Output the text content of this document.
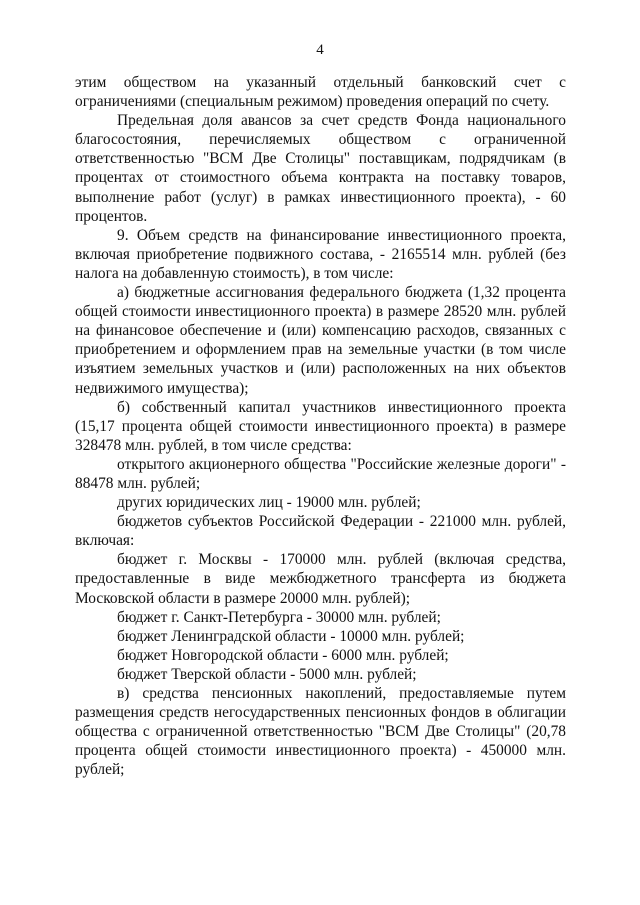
4

этим обществом на указанный отдельный банковский счет с ограничениями (специальным режимом) проведения операций по счету.

Предельная доля авансов за счет средств Фонда национального благосостояния, перечисляемых обществом с ограниченной ответственностью "ВСМ Две Столицы" поставщикам, подрядчикам (в процентах от стоимостного объема контракта на поставку товаров, выполнение работ (услуг) в рамках инвестиционного проекта), - 60 процентов.

9. Объем средств на финансирование инвестиционного проекта, включая приобретение подвижного состава, - 2165514 млн. рублей (без налога на добавленную стоимость), в том числе:

а) бюджетные ассигнования федерального бюджета (1,32 процента общей стоимости инвестиционного проекта) в размере 28520 млн. рублей на финансовое обеспечение и (или) компенсацию расходов, связанных с приобретением и оформлением прав на земельные участки (в том числе изъятием земельных участков и (или) расположенных на них объектов недвижимого имущества);

б) собственный капитал участников инвестиционного проекта (15,17 процента общей стоимости инвестиционного проекта) в размере 328478 млн. рублей, в том числе средства:

открытого акционерного общества "Российские железные дороги" - 88478 млн. рублей;

других юридических лиц - 19000 млн. рублей;

бюджетов субъектов Российской Федерации - 221000 млн. рублей, включая:

бюджет г. Москвы - 170000 млн. рублей (включая средства, предоставленные в виде межбюджетного трансферта из бюджета Московской области в размере 20000 млн. рублей);

бюджет г. Санкт-Петербурга - 30000 млн. рублей;

бюджет Ленинградской области - 10000 млн. рублей;

бюджет Новгородской области - 6000 млн. рублей;

бюджет Тверской области - 5000 млн. рублей;

в) средства пенсионных накоплений, предоставляемые путем размещения средств негосударственных пенсионных фондов в облигации общества с ограниченной ответственностью "ВСМ Две Столицы" (20,78 процента общей стоимости инвестиционного проекта) - 450000 млн. рублей;
